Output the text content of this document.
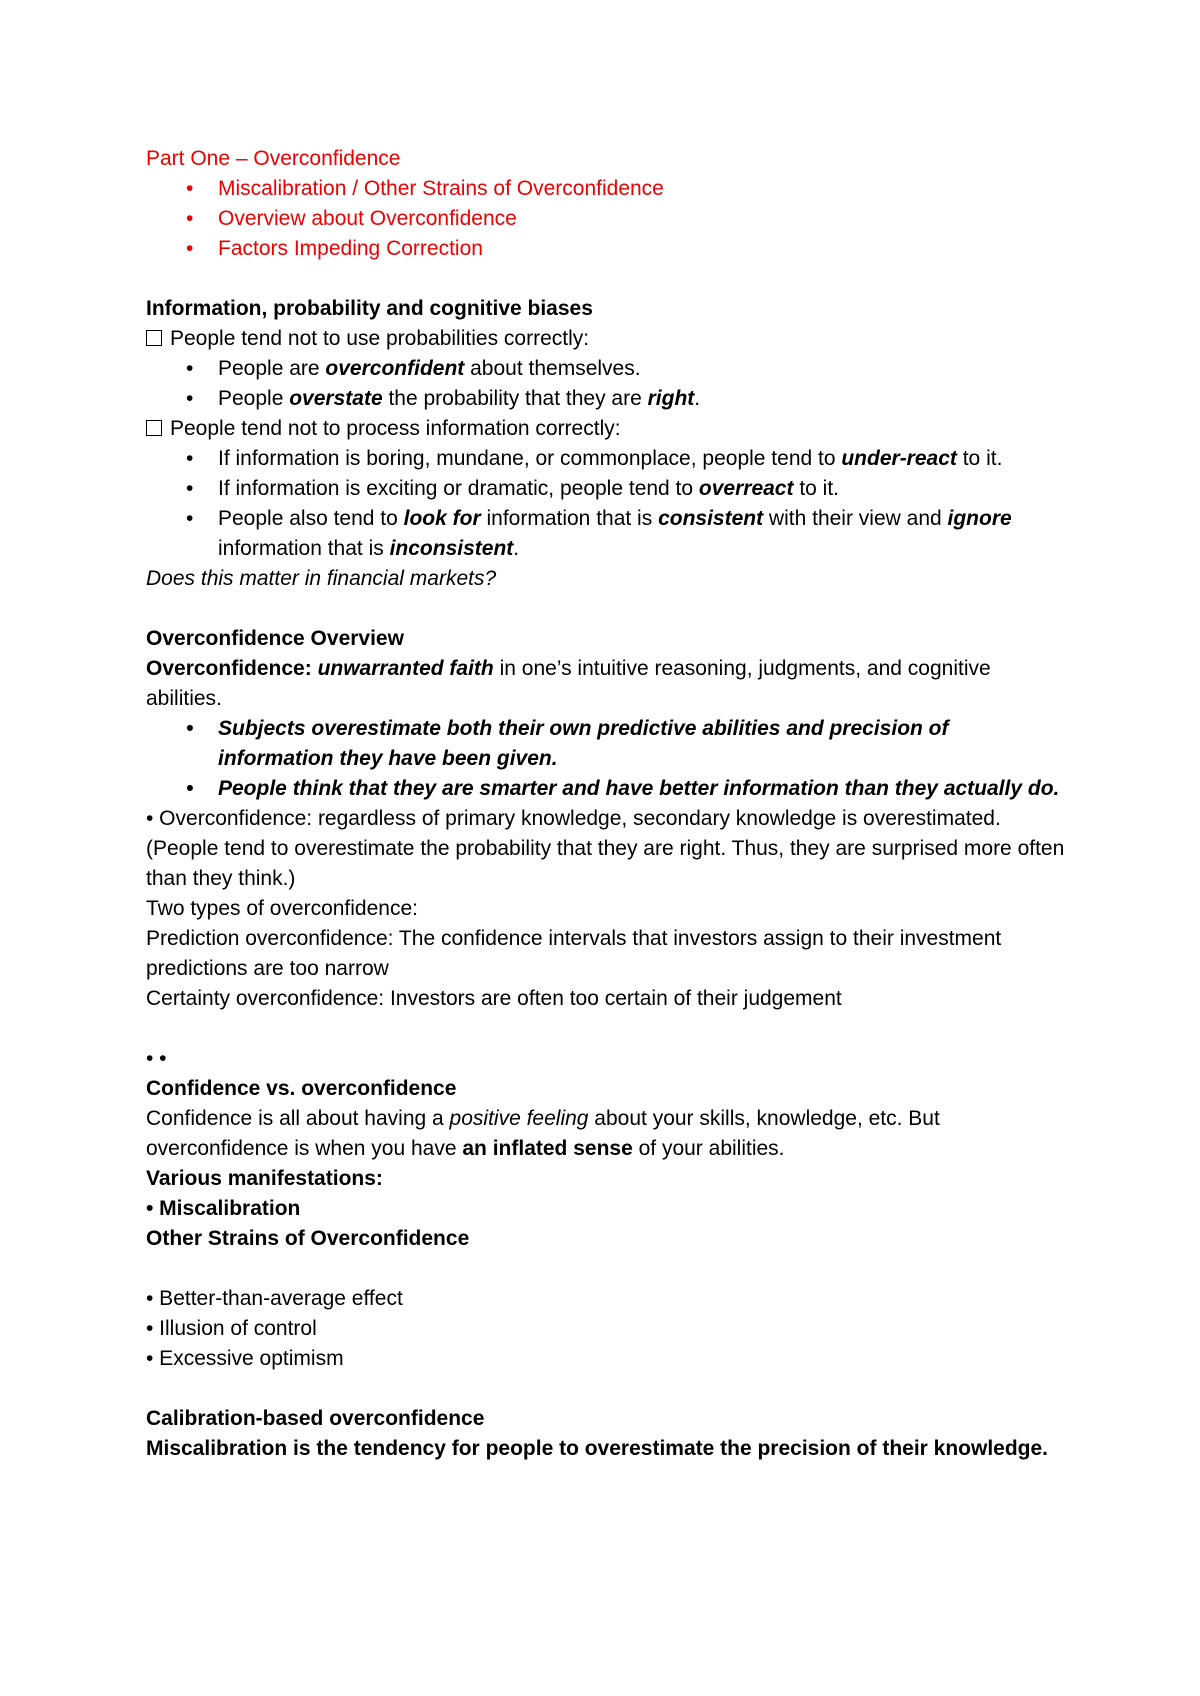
Part One – Overconfidence

• Miscalibration / Other Strains of Overconfidence
• Overview about Overconfidence
• Factors Impeding Correction

Information, probability and cognitive biases

People tend not to use probabilities correctly:

• People are overconfident about themselves.
• People overstate the probability that they are right.

People tend not to process information correctly:

• If information is boring, mundane, or commonplace, people tend to under-react to it.
• If information is exciting or dramatic, people tend to overreact to it.
• People also tend to look for information that is consistent with their view and ignore information that is inconsistent.

Does this matter in financial markets?

Overconfidence Overview

Overconfidence: unwarranted faith in one’s intuitive reasoning, judgments, and cognitive abilities.

• Subjects overestimate both their own predictive abilities and precision of information they have been given.
• People think that they are smarter and have better information than they actually do.

• Overconfidence: regardless of primary knowledge, secondary knowledge is overestimated. (People tend to overestimate the probability that they are right. Thus, they are surprised more often than they think.)

Two types of overconfidence:

Prediction overconfidence: The confidence intervals that investors assign to their investment predictions are too narrow

Certainty overconfidence: Investors are often too certain of their judgement

• •

Confidence vs. overconfidence

Confidence is all about having a positive feeling about your skills, knowledge, etc. But overconfidence is when you have an inflated sense of your abilities.

Various manifestations:

• Miscalibration

Other Strains of Overconfidence

• Better-than-average effect

• Illusion of control

• Excessive optimism

Calibration-based overconfidence

Miscalibration is the tendency for people to overestimate the precision of their knowledge.
